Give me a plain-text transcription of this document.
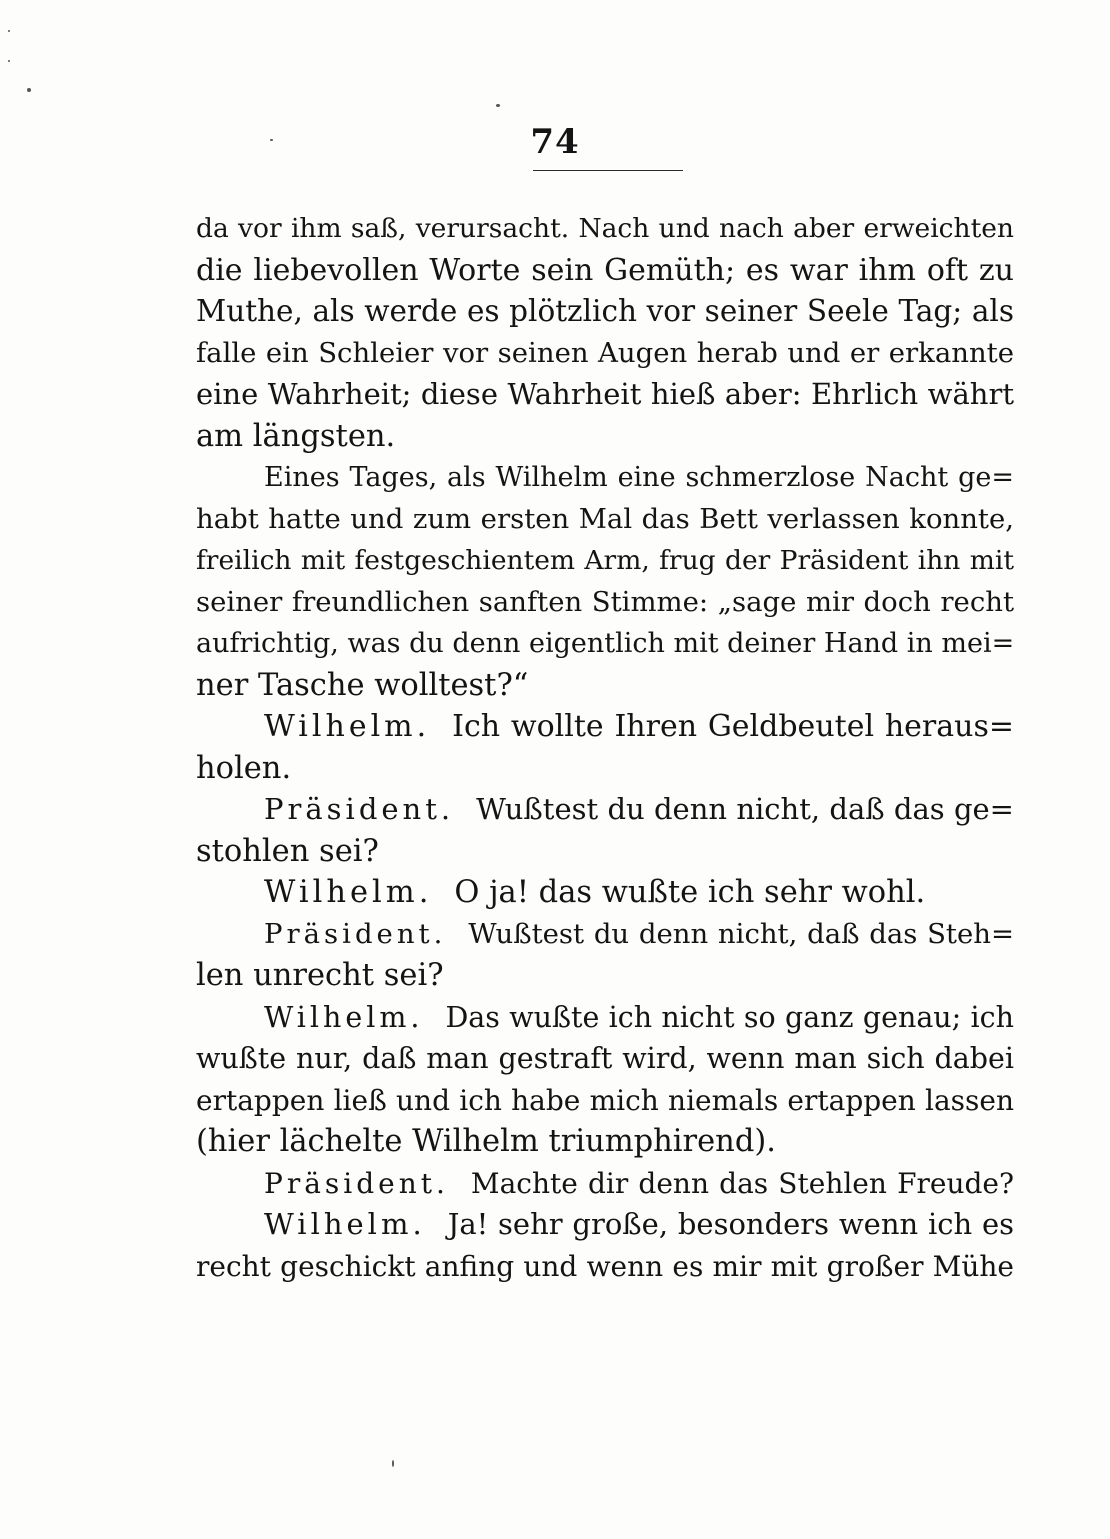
74
da vor ihm saß, verursacht. Nach und nach aber erweichten
die liebevollen Worte sein Gemüth; es war ihm oft zu
Muthe, als werde es plötzlich vor seiner Seele Tag; als
falle ein Schleier vor seinen Augen herab und er erkannte
eine Wahrheit; diese Wahrheit hieß aber: Ehrlich währt
am längsten.
Eines Tages, als Wilhelm eine schmerzlose Nacht ge=
habt hatte und zum ersten Mal das Bett verlassen konnte,
freilich mit festgeschientem Arm, frug der Präsident ihn mit
seiner freundlichen sanften Stimme: „sage mir doch recht
aufrichtig, was du denn eigentlich mit deiner Hand in mei=
ner Tasche wolltest?“
Wilhelm. Ich wollte Ihren Geldbeutel heraus=
holen.
Präsident. Wußtest du denn nicht, daß das ge=
stohlen sei?
Wilhelm. O ja! das wußte ich sehr wohl.
Präsident. Wußtest du denn nicht, daß das Steh=
len unrecht sei?
Wilhelm. Das wußte ich nicht so ganz genau; ich
wußte nur, daß man gestraft wird, wenn man sich dabei
ertappen ließ und ich habe mich niemals ertappen lassen
(hier lächelte Wilhelm triumphirend).
Präsident. Machte dir denn das Stehlen Freude?
Wilhelm. Ja! sehr große, besonders wenn ich es
recht geschickt anfing und wenn es mir mit großer Mühe
